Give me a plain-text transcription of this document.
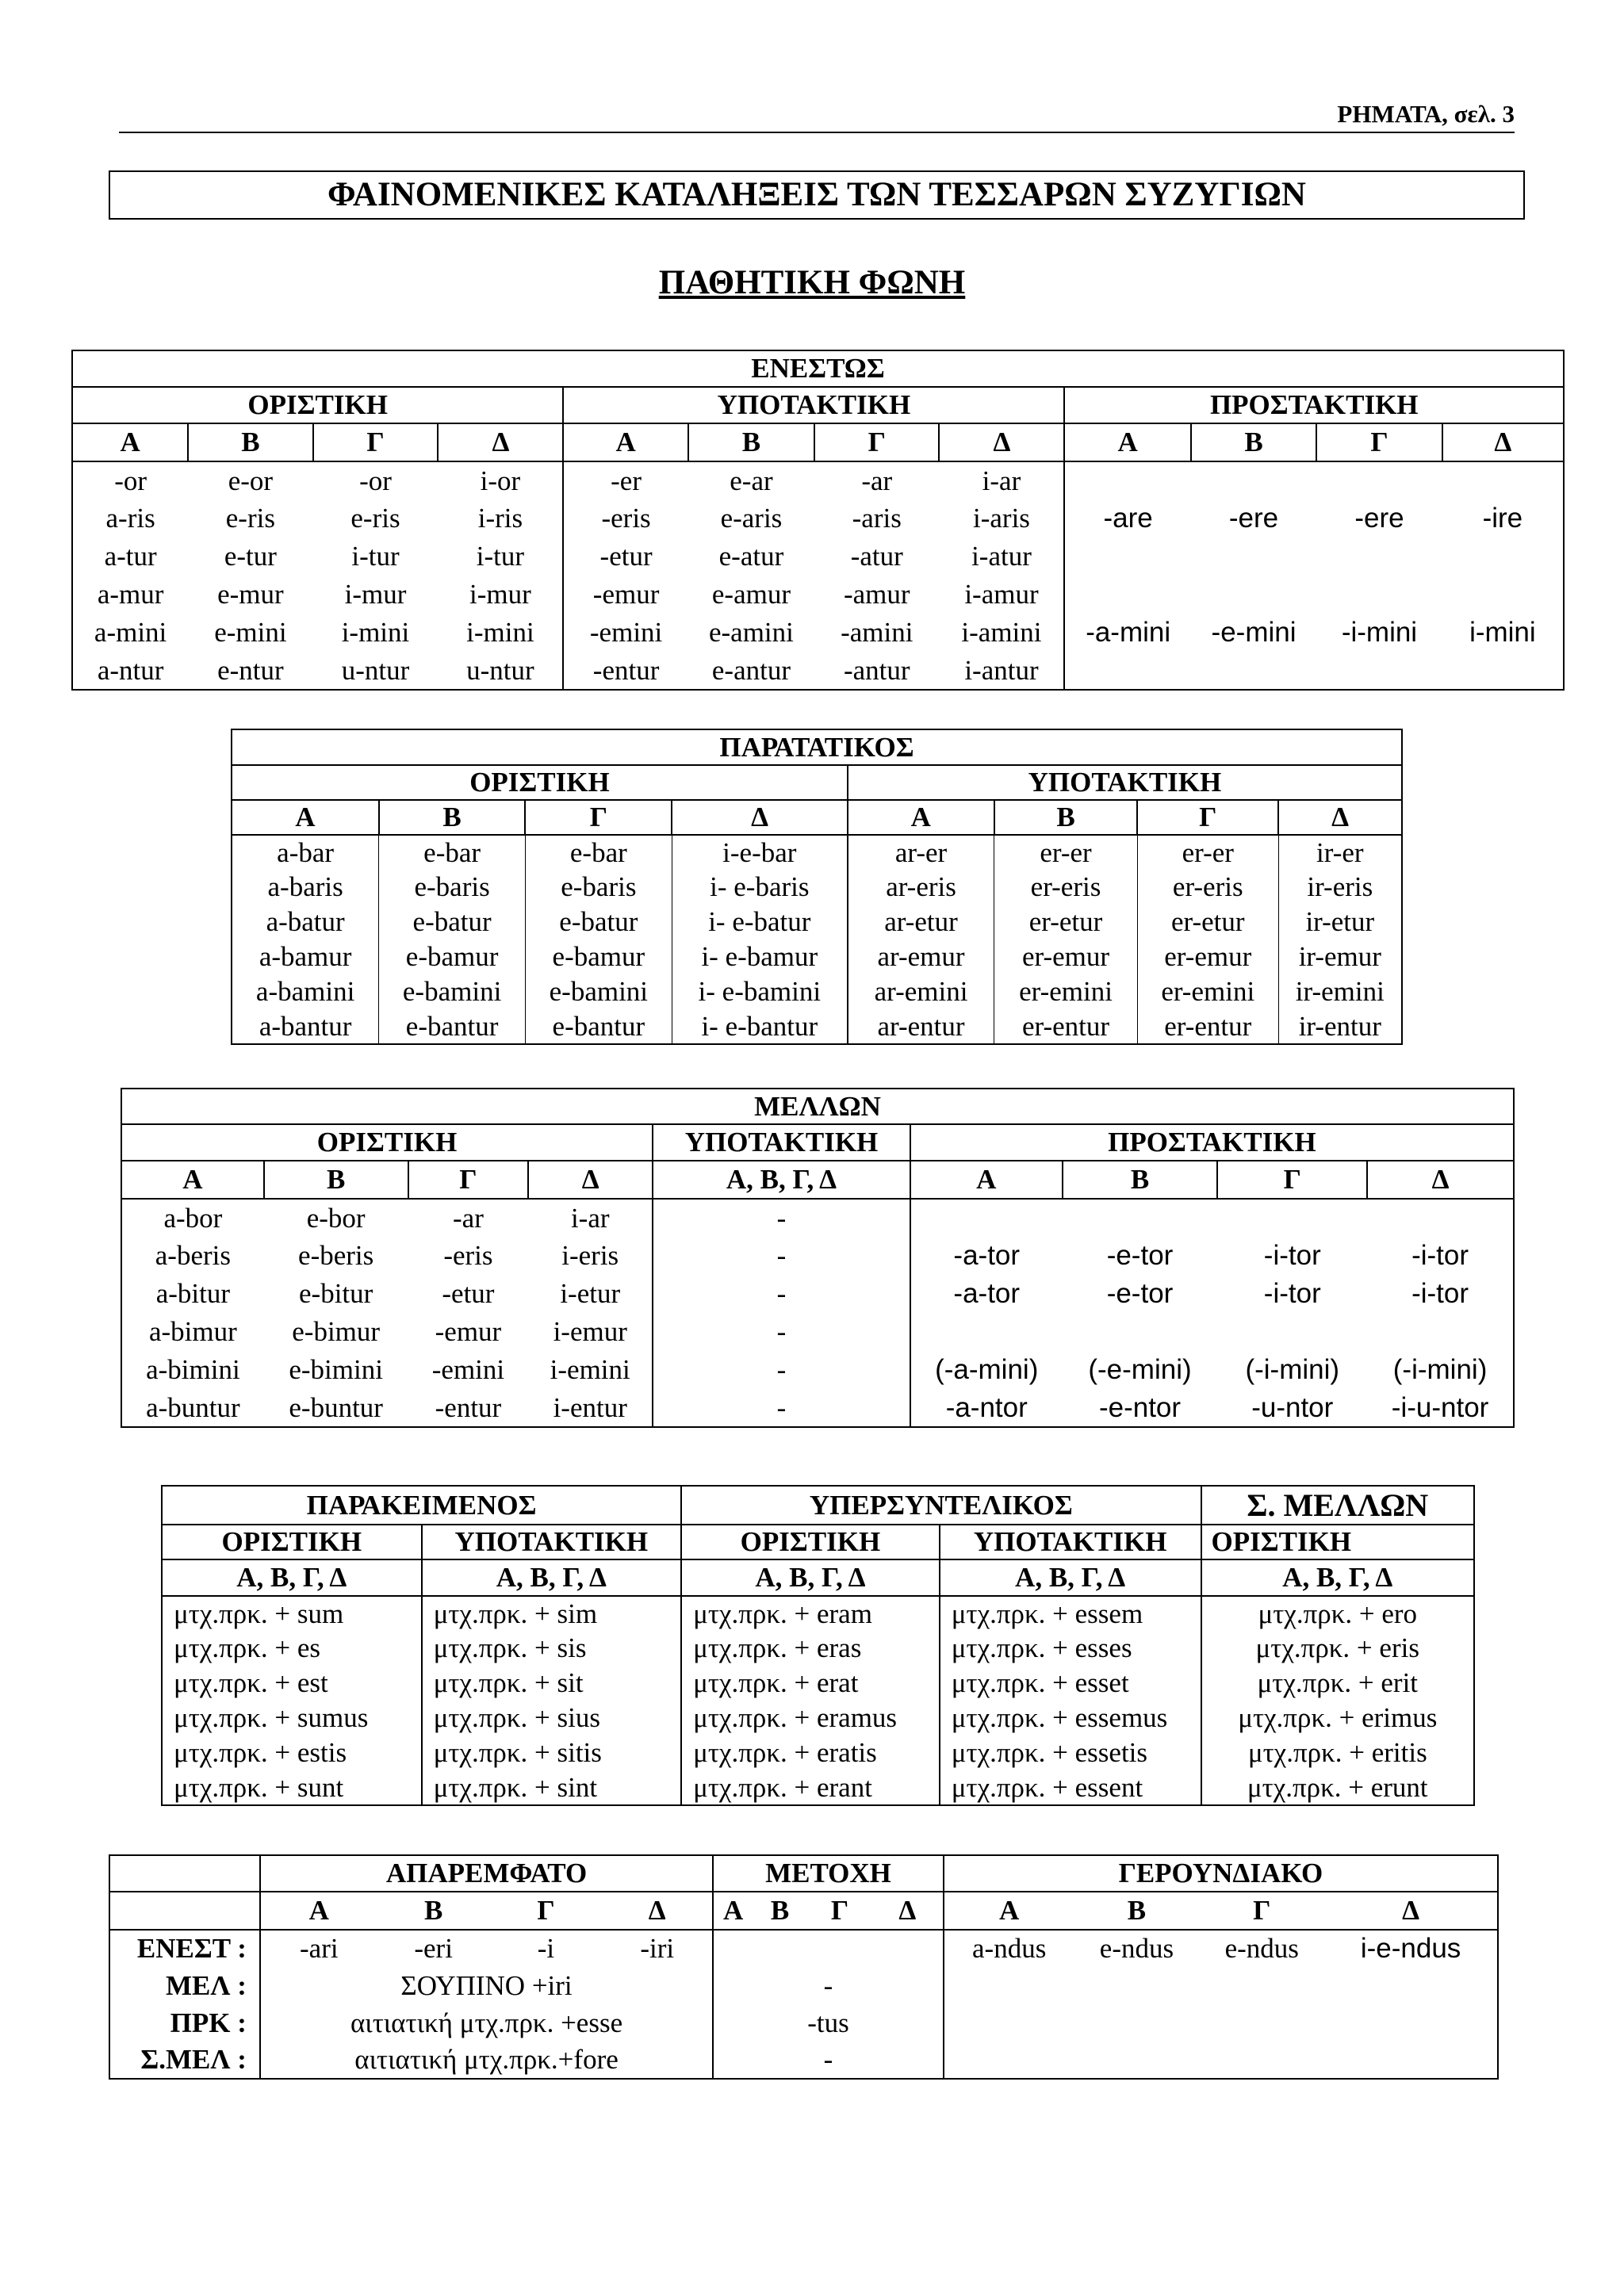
ΡΗΜΑΤΑ, σελ. 3
ΦΑΙΝΟΜΕΝΙΚΕΣ ΚΑΤΑΛΗΞΕΙΣ ΤΩΝ ΤΕΣΣΑΡΩΝ ΣΥΖΥΓΙΩΝ
ΠΑΘΗΤΙΚΗ ΦΩΝΗ
ΕΝΕΣΤΩΣ											
ΟΡΙΣΤΙΚΗ				ΥΠΟΤΑΚΤΙΚΗ				ΠΡΟΣΤΑΚΤΙΚΗ			
Α	Β	Γ	Δ	Α	Β	Γ	Δ	Α	Β	Γ	Δ
-or	e-or	-or	i-or	-er	e-ar	-ar	i-ar				
a-ris	e-ris	e-ris	i-ris	-eris	e-aris	-aris	i-aris	-are	-ere	-ere	-ire
a-tur	e-tur	i-tur	i-tur	-etur	e-atur	-atur	i-atur				
a-mur	e-mur	i-mur	i-mur	-emur	e-amur	-amur	i-amur				
a-mini	e-mini	i-mini	i-mini	-emini	e-amini	-amini	i-amini	-a-mini	-e-mini	-i-mini	i-mini
a-ntur	e-ntur	u-ntur	u-ntur	-entur	e-antur	-antur	i-antur				
ΠΑΡΑΤΑΤΙΚΟΣ							
ΟΡΙΣΤΙΚΗ				ΥΠΟΤΑΚΤΙΚΗ			
Α	Β	Γ	Δ	Α	Β	Γ	Δ
a-bar	e-bar	e-bar	i-e-bar	ar-er	er-er	er-er	ir-er
a-baris	e-baris	e-baris	i- e-baris	ar-eris	er-eris	er-eris	ir-eris
a-batur	e-batur	e-batur	i- e-batur	ar-etur	er-etur	er-etur	ir-etur
a-bamur	e-bamur	e-bamur	i- e-bamur	ar-emur	er-emur	er-emur	ir-emur
a-bamini	e-bamini	e-bamini	i- e-bamini	ar-emini	er-emini	er-emini	ir-emini
a-bantur	e-bantur	e-bantur	i- e-bantur	ar-entur	er-entur	er-entur	ir-entur
ΜΕΛΛΩΝ								
ΟΡΙΣΤΙΚΗ				ΥΠΟΤΑΚΤΙΚΗ	ΠΡΟΣΤΑΚΤΙΚΗ			
Α	Β	Γ	Δ	Α, Β, Γ, Δ	Α	Β	Γ	Δ
a-bor	e-bor	-ar	i-ar	-				
a-beris	e-beris	-eris	i-eris	-	-a-tor	-e-tor	-i-tor	-i-tor
a-bitur	e-bitur	-etur	i-etur	-	-a-tor	-e-tor	-i-tor	-i-tor
a-bimur	e-bimur	-emur	i-emur	-				
a-bimini	e-bimini	-emini	i-emini	-	(-a-mini)	(-e-mini)	(-i-mini)	(-i-mini)
a-buntur	e-buntur	-entur	i-entur	-	-a-ntor	-e-ntor	-u-ntor	-i-u-ntor
ΠΑΡΑΚΕΙΜΕΝΟΣ		ΥΠΕΡΣΥΝΤΕΛΙΚΟΣ		Σ. ΜΕΛΛΩΝ
ΟΡΙΣΤΙΚΗ	ΥΠΟΤΑΚΤΙΚΗ	ΟΡΙΣΤΙΚΗ	ΥΠΟΤΑΚΤΙΚΗ	ΟΡΙΣΤΙΚΗ
Α, Β, Γ, Δ	Α, Β, Γ, Δ	Α, Β, Γ, Δ	Α, Β, Γ, Δ	Α, Β, Γ, Δ
μτχ.πρκ. + sum	μτχ.πρκ. + sim	μτχ.πρκ. + eram	μτχ.πρκ. + essem	μτχ.πρκ. + ero
μτχ.πρκ. + es	μτχ.πρκ. + sis	μτχ.πρκ. + eras	μτχ.πρκ. + esses	μτχ.πρκ. + eris
μτχ.πρκ. + est	μτχ.πρκ. + sit	μτχ.πρκ. + erat	μτχ.πρκ. + esset	μτχ.πρκ. + erit
μτχ.πρκ. + sumus	μτχ.πρκ. + sius	μτχ.πρκ. + eramus	μτχ.πρκ. + essemus	μτχ.πρκ. + erimus
μτχ.πρκ. + estis	μτχ.πρκ. + sitis	μτχ.πρκ. + eratis	μτχ.πρκ. + essetis	μτχ.πρκ. + eritis
μτχ.πρκ. + sunt	μτχ.πρκ. + sint	μτχ.πρκ. + erant	μτχ.πρκ. + essent	μτχ.πρκ. + erunt
	ΑΠΑΡΕΜΦΑΤΟ				ΜΕΤΟΧΗ				ΓΕΡΟΥΝΔΙΑΚΟ			
	Α	Β	Γ	Δ	Α	Β	Γ	Δ	Α	Β	Γ	Δ
ΕΝΕΣΤ :	-ari	-eri	-i	-iri					a-ndus	e-ndus	e-ndus	i-e-ndus
ΜΕΛ :	ΣΟΥΠΙΝΟ +iri				-							
ΠΡΚ :	αιτιατική μτχ.πρκ. +esse				-tus							
Σ.ΜΕΛ :	αιτιατική μτχ.πρκ.+fore				-							
